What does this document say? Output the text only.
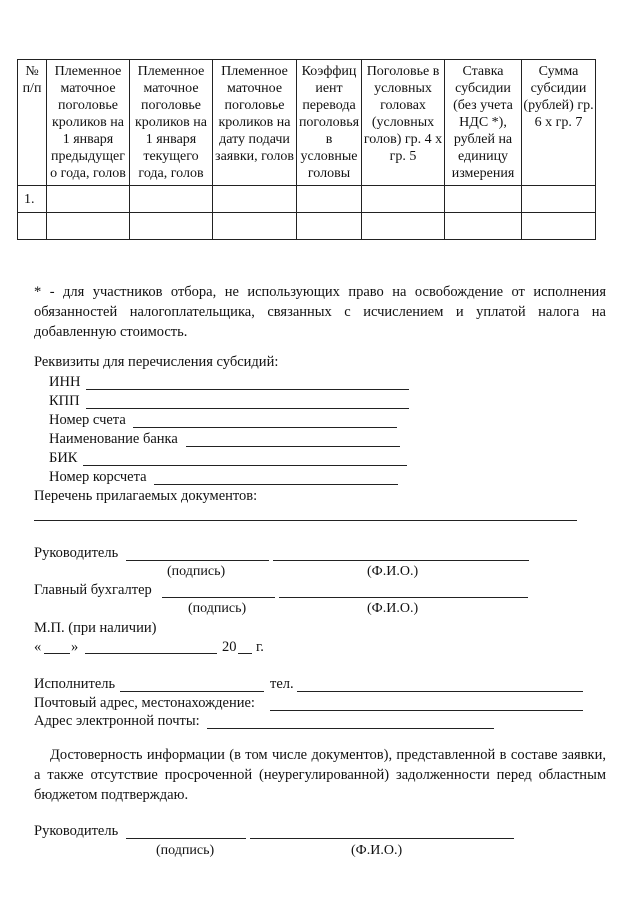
№ п/п	Племенное маточное поголовье кроликов на 1 января предыдущего года, голов	Племенное маточное поголовье кроликов на 1 января текущего года, голов	Племенное маточное поголовье кроликов на дату подачи заявки, голов	Коэффициент перевода поголовья в условные головы	Поголовье в условных головах (условных голов) гр. 4 х гр. 5	Ставка субсидии (без учета НДС *), рублей на единицу измерения	Сумма субсидии (рублей) гр. 6 х гр. 7
1.							

* - для участников отбора, не использующих право на освобождение от исполнения обязанностей налогоплательщика, связанных с исчислением и уплатой налога на добавленную стоимость.
Реквизиты для перечисления субсидий:
ИНН
КПП
Номер счета
Наименование банка
БИК
Номер корсчета
Перечень прилагаемых документов:
Руководитель
(подпись)	(Ф.И.О.)
Главный бухгалтер
(подпись)	(Ф.И.О.)
М.П. (при наличии)
« »	20 г.
Исполнитель	тел.
Почтовый адрес, местонахождение:
Адрес электронной почты:
Достоверность информации (в том числе документов), представленной в составе заявки, а также отсутствие просроченной (неурегулированной) задолженности перед областным бюджетом подтверждаю.
Руководитель
(подпись)	(Ф.И.О.)
